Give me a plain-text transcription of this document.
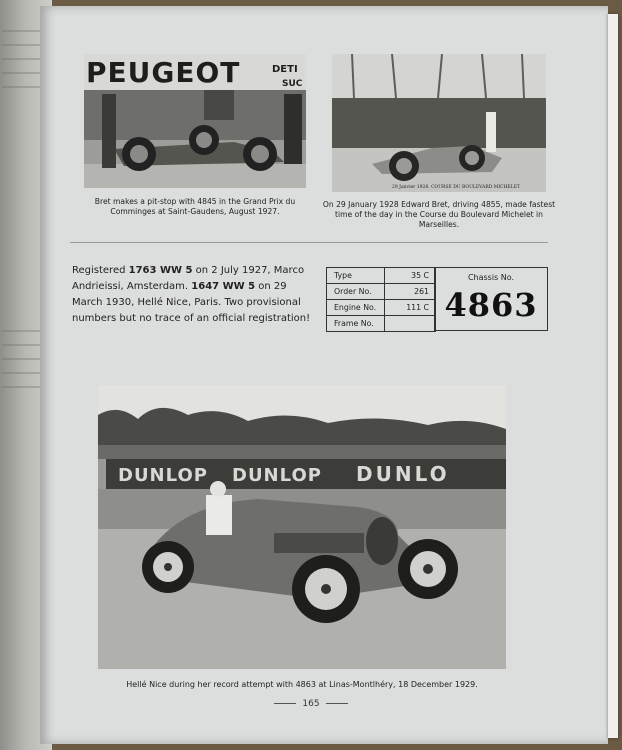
PEUGEOT	DETI
SUC
Bret makes a pit-stop with 4845 in the Grand Prix du Comminges at Saint-Gaudens, August 1927.
29 Janvier 1928. COURSE DU BOULEVARD MICHELET
On 29 January 1928 Edward Bret, driving 4855, made fastest time of the day in the Course du Boulevard Michelet in Marseilles.
Registered 1763 WW 5 on 2 July 1927, Marco Andrieissi, Amsterdam. 1647 WW 5 on 29 March 1930, Hellé Nice, Paris. Two provisional numbers but no trace of an official registration!
Type	35 C
Order No.	261
Engine No.	111 C
Frame No.
Chassis No.
4863
DUNLOP DUNLOP DUNLO
Hellé Nice during her record attempt with 4863 at Linas-Montlhéry, 18 December 1929.
165
